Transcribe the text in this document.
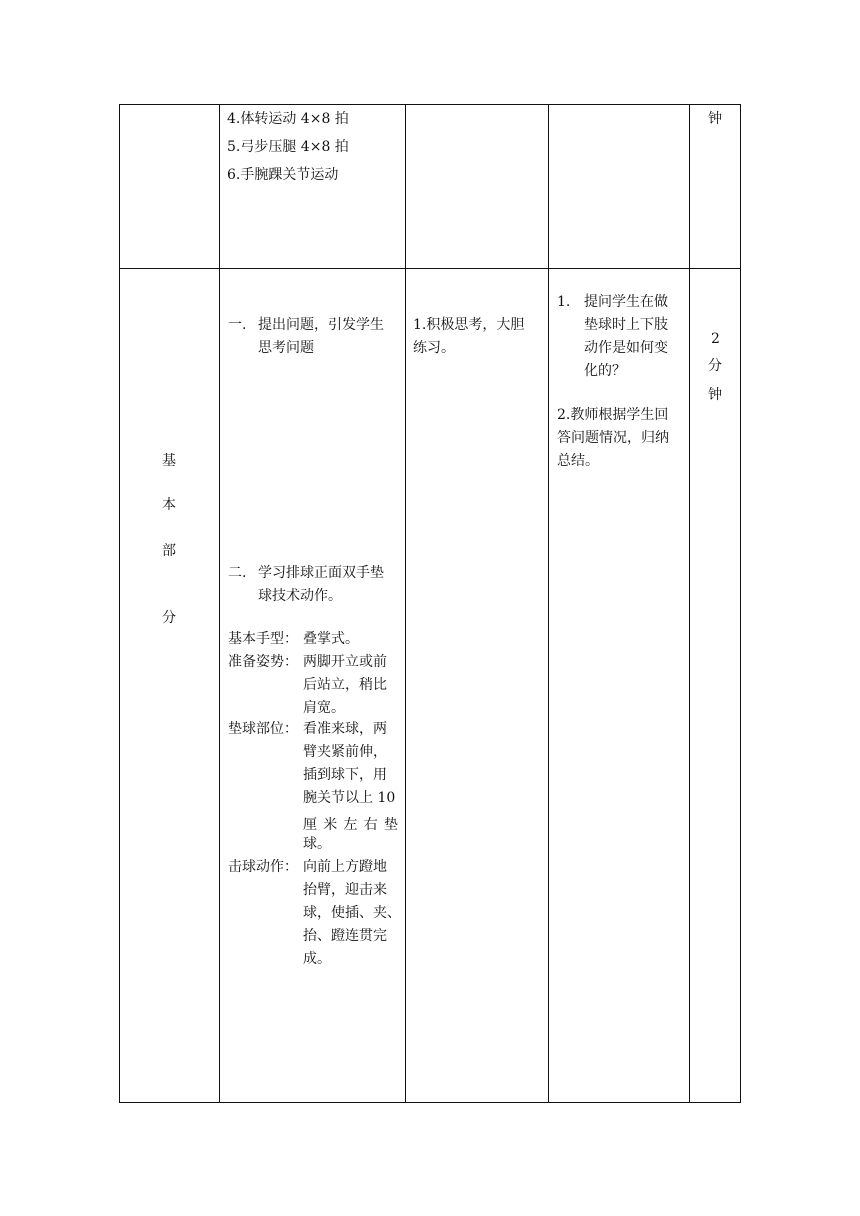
4.体转运动 4×8 拍
5.弓步压腿 4×8 拍
6.手腕踝关节运动
钟
基
本
部
分
一. 提出问题，引发学生
思考问题
二. 学习排球正面双手垫
球技术动作。
基本手型： 叠掌式。
准备姿势： 两脚开立或前
后站立，稍比
肩宽。
垫球部位： 看准来球，两
臂夹紧前伸，
插到球下，用
腕关节以上 10
厘 米 左 右 垫
球。
击球动作： 向前上方蹬地
抬臂，迎击来
球，使插、夹、
抬、蹬连贯完
成。
1.积极思考，大胆
练习。
1. 提问学生在做
垫球时上下肢
动作是如何变
化的？
2.教师根据学生回
答问题情况，归纳
总结。
2
分
钟
